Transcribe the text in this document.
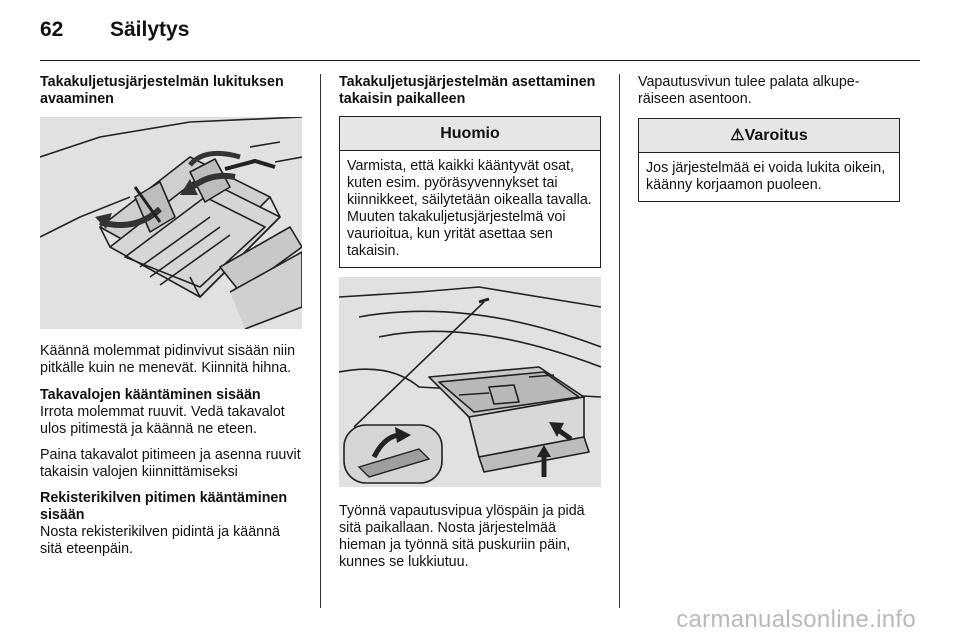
62 Säilytys

Takakuljetusjärjestelmän lukituksen avaaminen

Käännä molemmat pidinvivut sisään niin pitkälle kuin ne menevät. Kiinnitä hihna.

Takavalojen kääntäminen sisään

Irrota molemmat ruuvit. Vedä takavalot ulos pitimestä ja käännä ne eteen.

Paina takavalot pitimeen ja asenna ruuvit takaisin valojen kiinnittämiseksi

Rekisterikilven pitimen kääntäminen sisään

Nosta rekisterikilven pidintä ja käännä sitä eteenpäin.

Takakuljetusjärjestelmän asettaminen takaisin paikalleen

Huomio
Varmista, että kaikki kääntyvät osat, kuten esim. pyöräsyvennykset tai kiinnikkeet, säilytetään oikealla tavalla. Muuten takakuljetusjärjestelmä voi vaurioitua, kun yrität asettaa sen takaisin.

Työnnä vapautusvipua ylöspäin ja pidä sitä paikallaan. Nosta järjestelmää hieman ja työnnä sitä puskuriin päin, kunnes se lukkiutuu.

Vapautusvivun tulee palata alkuperäiseen asentoon.

⚠Varoitus
Jos järjestelmää ei voida lukita oikein, käänny korjaamon puoleen.
carmanualsonline.info
